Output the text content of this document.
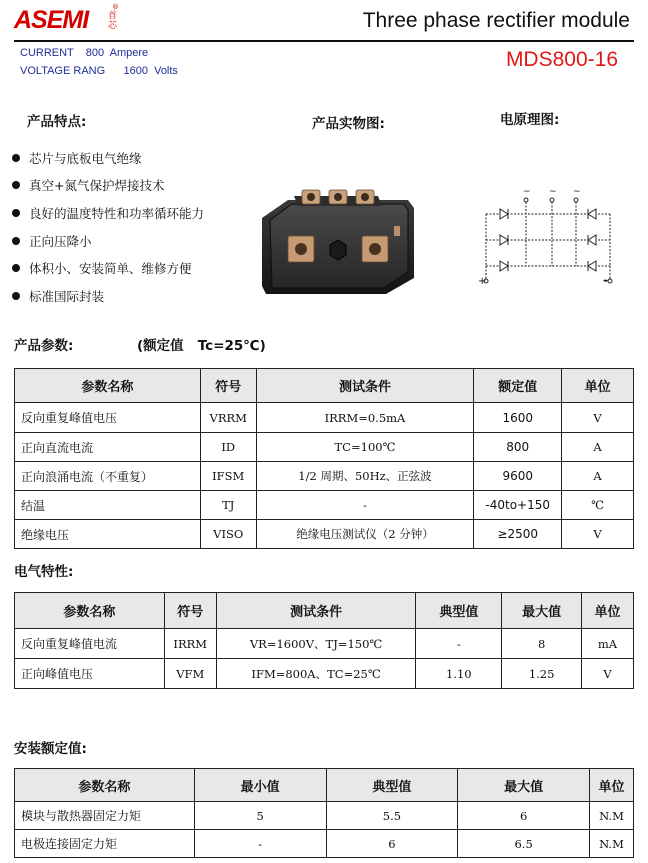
ASEMI 首芯
®
Three phase rectifier module
CURRENT    800  Ampere
VOLTAGE RANG      1600  Volts	MDS800-16
产品特点:	产品实物图:	电原理图:
芯片与底板电气绝缘
真空+氮气保护焊接技术
良好的温度特性和功率循环能力
正向压降小
体积小、安装简单、维修方便
标准国际封装
~ ~ ~
+	-
产品参数:	(额定值   Tc=25℃)
参数名称	符号	测试条件	额定值	单位
反向重复峰值电压	VRRM	IRRM=0.5mA	1600	V
正向直流电流	ID	TC=100℃	800	A
正向浪涌电流（不重复）	IFSM	1/2 周期、50Hz、正弦波	9600	A
结温	TJ	-	-40to+150	℃
绝缘电压	VISO	绝缘电压测试仪（2 分钟）	≥2500	V
电气特性:
参数名称	符号	测试条件	典型值	最大值	单位
反向重复峰值电流	IRRM	VR=1600V、TJ=150℃	-	8	mA
正向峰值电压	VFM	IFM=800A、TC=25℃	1.10	1.25	V
安装额定值:
参数名称	最小值	典型值	最大值	单位
模块与散热器固定力矩	5	5.5	6	N.M
电极连接固定力矩	-	6	6.5	N.M
